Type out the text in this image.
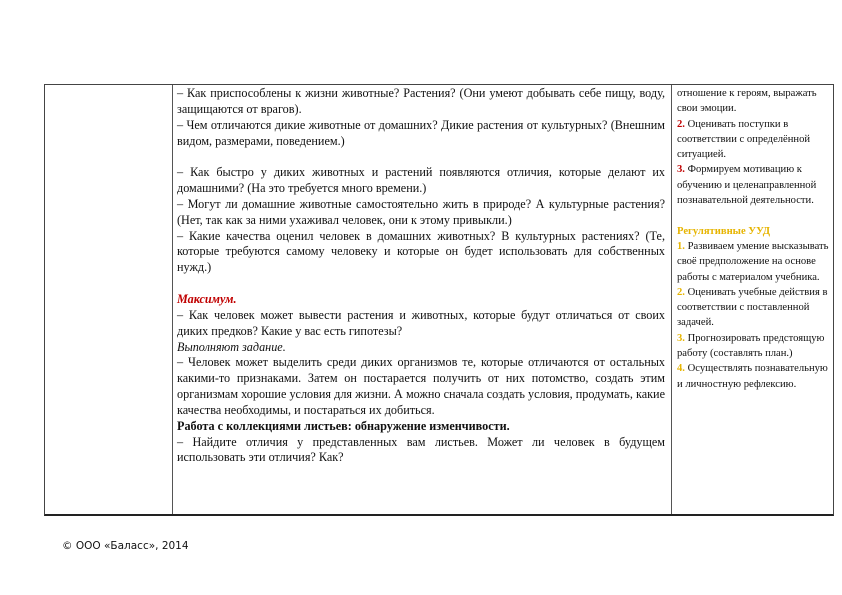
– Как приспособлены к жизни животные? Растения? (Они умеют добывать себе пищу, воду, защищаются от врагов).

– Чем отличаются дикие животные от домашних? Дикие растения от культурных? (Внешним видом, размерами, поведением.)

– Как быстро у диких животных и растений появляются отличия, которые делают их домашними? (На это требуется много времени.)

– Могут ли домашние животные самостоятельно жить в природе? А культурные растения? (Нет, так как за ними ухаживал человек, они к этому привыкли.)

– Какие качества оценил человек в домашних животных? В культурных растениях? (Те, которые требуются самому человеку и которые он будет использовать для собственных нужд.)

Максимум.

– Как человек может вывести растения и животных, которые будут отличаться от своих диких предков? Какие у вас есть гипотезы?

Выполняют задание.

– Человек может выделить среди диких организмов те, которые отличаются от остальных какими-то признаками. Затем он постарается получить от них потомство, создать этим организмам хорошие условия для жизни. А можно сначала создать условия, продумать, какие качества необходимы, и постараться их добиться.

Работа с коллекциями листьев: обнаружение изменчивости.

– Найдите отличия у представленных вам листьев. Может ли человек в будущем использовать эти отличия? Как?

отношение к героям, выражать свои эмоции.

2. Оценивать поступки в соответствии с определённой ситуацией.

3. Формируем мотивацию к обучению и целенаправленной познавательной деятельности.

Регулятивные УУД

1. Развиваем умение высказывать своё предположение на основе работы с материалом учебника.

2. Оценивать учебные действия в соответствии с поставленной задачей.

3. Прогнозировать предстоящую работу (составлять план.)

4. Осуществлять познавательную и личностную рефлексию.

© ООО «Баласс», 2014
